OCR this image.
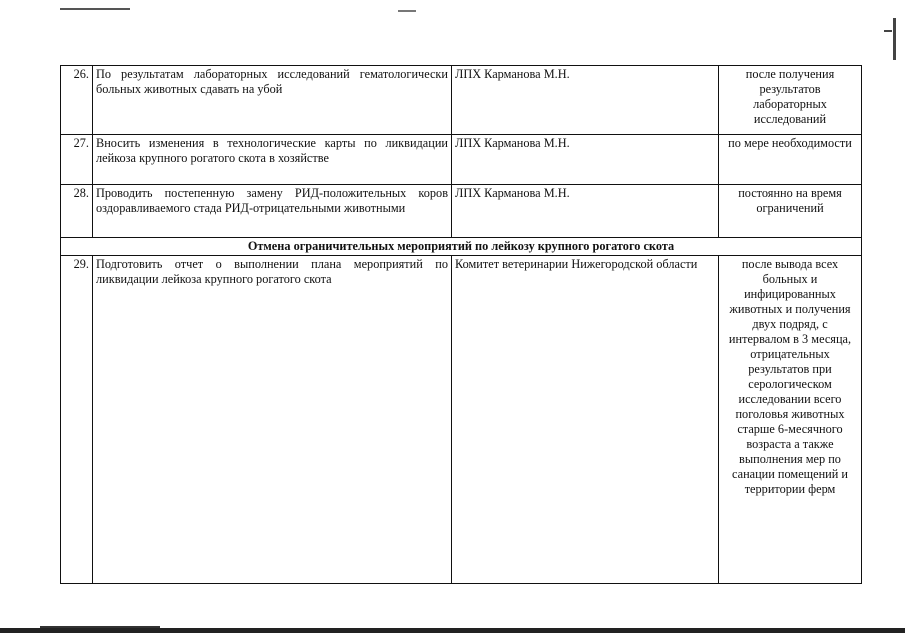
26.	По результатам лабораторных исследований гематологически больных животных сдавать на убой	ЛПХ Карманова М.Н.	после получения результатов лабораторных исследований
27.	Вносить изменения в технологические карты по ликвидации лейкоза крупного рогатого скота в хозяйстве	ЛПХ Карманова М.Н.	по мере необходимости
28.	Проводить постепенную замену РИД-положительных коров оздоравливаемого стада РИД-отрицательными животными	ЛПХ Карманова М.Н.	постоянно на время ограничений
Отмена ограничительных мероприятий по лейкозу крупного рогатого скота			
29.	Подготовить отчет о выполнении плана мероприятий по ликвидации лейкоза крупного рогатого скота	Комитет ветеринарии Нижегородской области	после вывода всех больных и инфицированных животных и получения двух подряд, с интервалом в 3 месяца, отрицательных результатов при серологическом исследовании всего поголовья животных старше 6-месячного возраста а также выполнения мер по санации помещений и территории ферм
